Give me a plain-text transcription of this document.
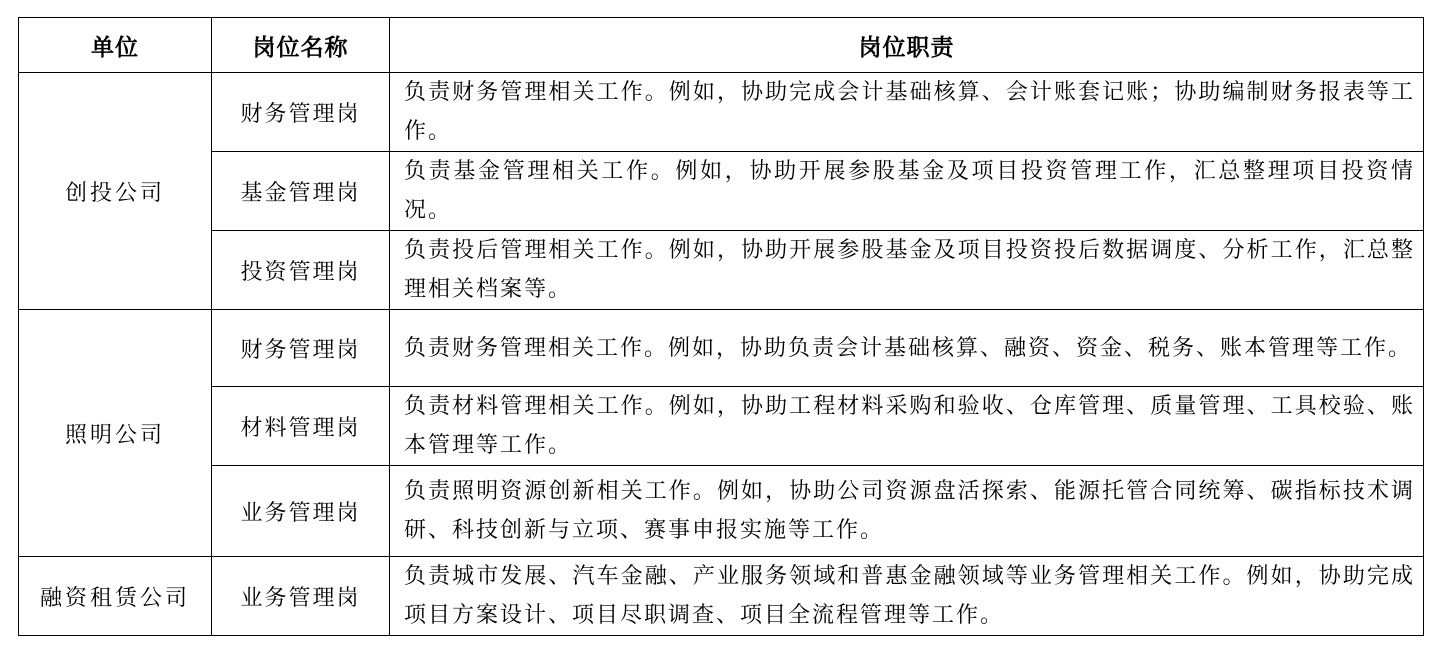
单位	岗位名称	岗位职责
创投公司	财务管理岗	负责财务管理相关工作。例如，协助完成会计基础核算、会计账套记账；协助编制财务报表等工作。
	基金管理岗	负责基金管理相关工作。例如，协助开展参股基金及项目投资管理工作，汇总整理项目投资情况。
	投资管理岗	负责投后管理相关工作。例如，协助开展参股基金及项目投资投后数据调度、分析工作，汇总整理相关档案等。
照明公司	财务管理岗	负责财务管理相关工作。例如，协助负责会计基础核算、融资、资金、税务、账本管理等工作。
	材料管理岗	负责材料管理相关工作。例如，协助工程材料采购和验收、仓库管理、质量管理、工具校验、账本管理等工作。
	业务管理岗	负责照明资源创新相关工作。例如，协助公司资源盘活探索、能源托管合同统筹、碳指标技术调研、科技创新与立项、赛事申报实施等工作。
融资租赁公司	业务管理岗	负责城市发展、汽车金融、产业服务领域和普惠金融领域等业务管理相关工作。例如，协助完成项目方案设计、项目尽职调查、项目全流程管理等工作。
